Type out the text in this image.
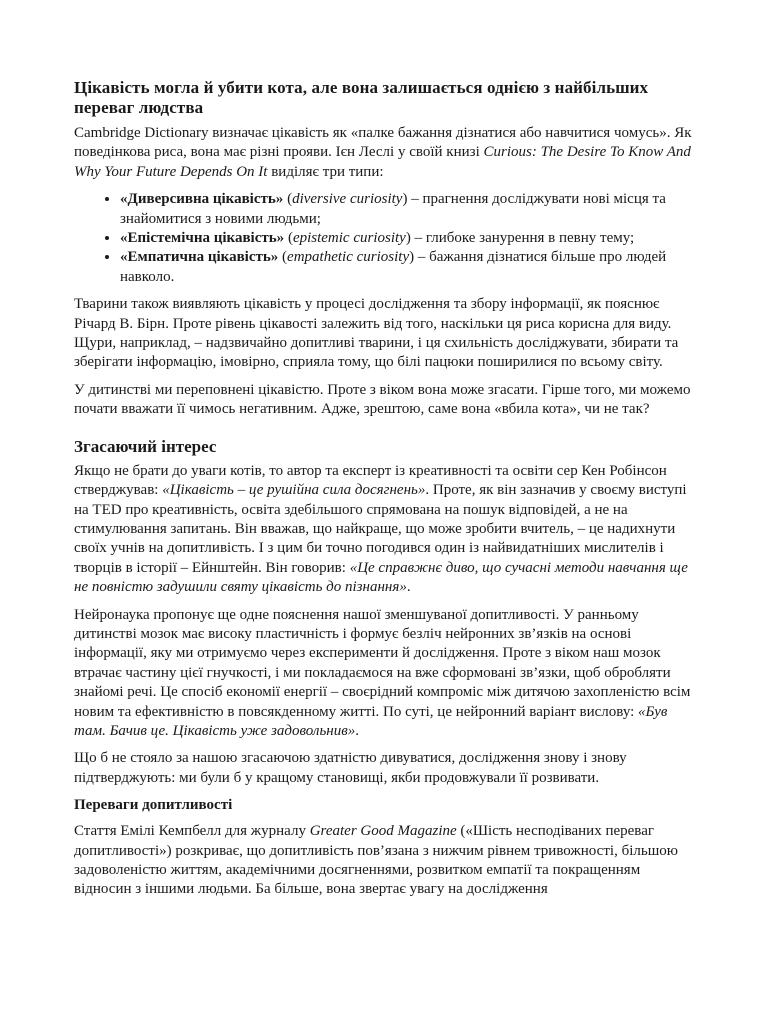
Цікавість могла й убити кота, але вона залишається однією з найбільших переваг людства

Cambridge Dictionary визначає цікавість як «палке бажання дізнатися або навчитися чомусь». Як поведінкова риса, вона має різні прояви. Ієн Леслі у своїй книзі Curious: The Desire To Know And Why Your Future Depends On It виділяє три типи:

• «Диверсивна цікавість» (diversive curiosity) – прагнення досліджувати нові місця та знайомитися з новими людьми;
• «Епістемічна цікавість» (epistemic curiosity) – глибоке занурення в певну тему;
• «Емпатична цікавість» (empathetic curiosity) – бажання дізнатися більше про людей навколо.

Тварини також виявляють цікавість у процесі дослідження та збору інформації, як пояснює Річард В. Бірн. Проте рівень цікавості залежить від того, наскільки ця риса корисна для виду. Щури, наприклад, – надзвичайно допитливі тварини, і ця схильність досліджувати, збирати та зберігати інформацію, імовірно, сприяла тому, що білі пацюки поширилися по всьому світу.

У дитинстві ми переповнені цікавістю. Проте з віком вона може згасати. Гірше того, ми можемо почати вважати її чимось негативним. Адже, зрештою, саме вона «вбила кота», чи не так?

Згасаючий інтерес

Якщо не брати до уваги котів, то автор та експерт із креативності та освіти сер Кен Робінсон стверджував: «Цікавість – це рушійна сила досягнень». Проте, як він зазначив у своєму виступі на TED про креативність, освіта здебільшого спрямована на пошук відповідей, а не на стимулювання запитань. Він вважав, що найкраще, що може зробити вчитель, – це надихнути своїх учнів на допитливість. І з цим би точно погодився один із найвидатніших мислителів і творців в історії – Ейнштейн. Він говорив: «Це справжнє диво, що сучасні методи навчання ще не повністю задушили святу цікавість до пізнання».

Нейронаука пропонує ще одне пояснення нашої зменшуваної допитливості. У ранньому дитинстві мозок має високу пластичність і формує безліч нейронних зв’язків на основі інформації, яку ми отримуємо через експерименти й дослідження. Проте з віком наш мозок втрачає частину цієї гнучкості, і ми покладаємося на вже сформовані зв’язки, щоб обробляти знайомі речі. Це спосіб економії енергії – своєрідний компроміс між дитячою захопленістю всім новим та ефективністю в повсякденному житті. По суті, це нейронний варіант вислову: «Був там. Бачив це. Цікавість уже задовольнив».

Що б не стояло за нашою згасаючою здатністю дивуватися, дослідження знову і знову підтверджують: ми були б у кращому становищі, якби продовжували її розвивати.

Переваги допитливості

Стаття Емілі Кемпбелл для журналу Greater Good Magazine («Шість несподіваних переваг допитливості») розкриває, що допитливість пов’язана з нижчим рівнем тривожності, більшою задоволеністю життям, академічними досягненнями, розвитком емпатії та покращенням відносин з іншими людьми. Ба більше, вона звертає увагу на дослідження
